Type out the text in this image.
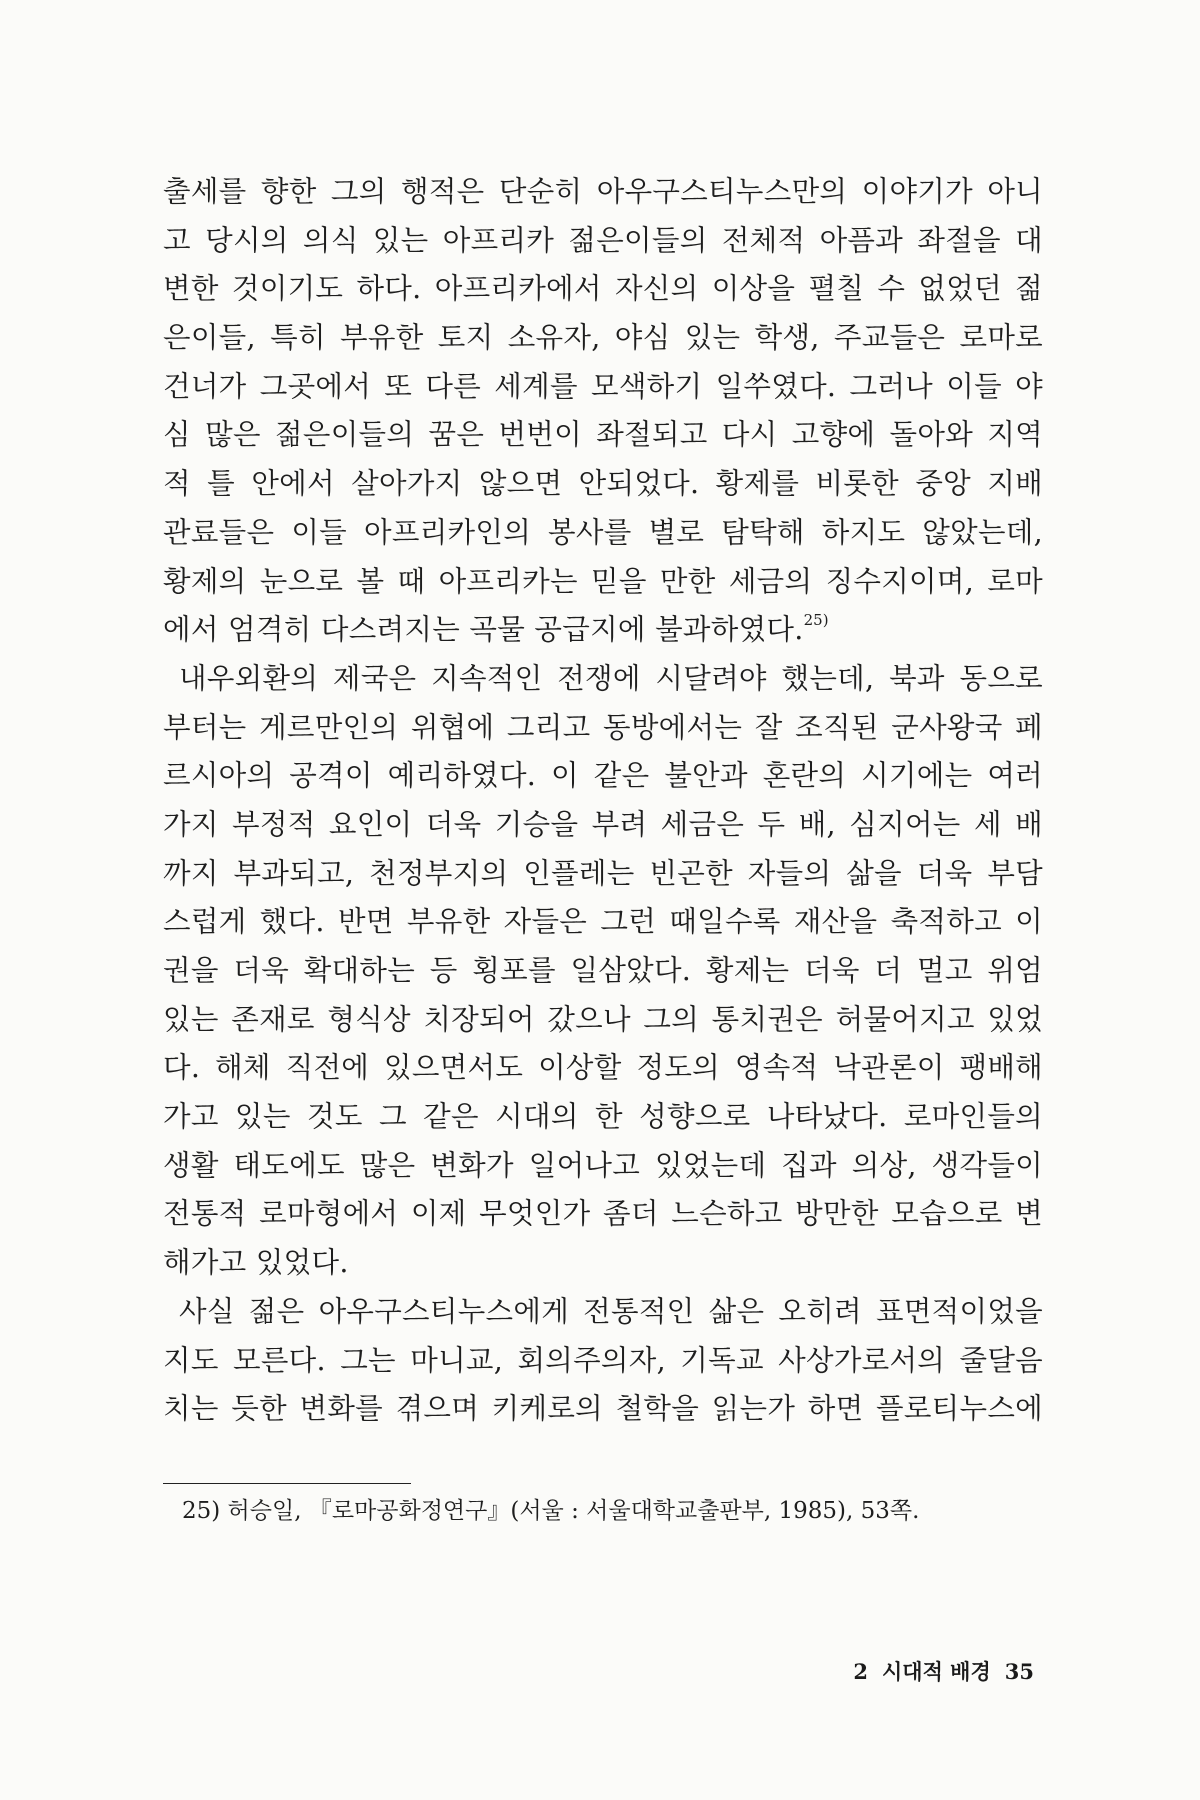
출세를 향한 그의 행적은 단순히 아우구스티누스만의 이야기가 아니
고 당시의 의식 있는 아프리카 젊은이들의 전체적 아픔과 좌절을 대
변한 것이기도 하다. 아프리카에서 자신의 이상을 펼칠 수 없었던 젊
은이들, 특히 부유한 토지 소유자, 야심 있는 학생, 주교들은 로마로
건너가 그곳에서 또 다른 세계를 모색하기 일쑤였다. 그러나 이들 야
심 많은 젊은이들의 꿈은 번번이 좌절되고 다시 고향에 돌아와 지역
적 틀 안에서 살아가지 않으면 안되었다. 황제를 비롯한 중앙 지배
관료들은 이들 아프리카인의 봉사를 별로 탐탁해 하지도 않았는데,
황제의 눈으로 볼 때 아프리카는 믿을 만한 세금의 징수지이며, 로마
에서 엄격히 다스려지는 곡물 공급지에 불과하였다.$^{25)}$
내우외환의 제국은 지속적인 전쟁에 시달려야 했는데, 북과 동으로
부터는 게르만인의 위협에 그리고 동방에서는 잘 조직된 군사왕국 페
르시아의 공격이 예리하였다. 이 같은 불안과 혼란의 시기에는 여러
가지 부정적 요인이 더욱 기승을 부려 세금은 두 배, 심지어는 세 배
까지 부과되고, 천정부지의 인플레는 빈곤한 자들의 삶을 더욱 부담
스럽게 했다. 반면 부유한 자들은 그런 때일수록 재산을 축적하고 이
권을 더욱 확대하는 등 횡포를 일삼았다. 황제는 더욱 더 멀고 위엄
있는 존재로 형식상 치장되어 갔으나 그의 통치권은 허물어지고 있었
다. 해체 직전에 있으면서도 이상할 정도의 영속적 낙관론이 팽배해
가고 있는 것도 그 같은 시대의 한 성향으로 나타났다. 로마인들의
생활 태도에도 많은 변화가 일어나고 있었는데 집과 의상, 생각들이
전통적 로마형에서 이제 무엇인가 좀더 느슨하고 방만한 모습으로 변
해가고 있었다.
사실 젊은 아우구스티누스에게 전통적인 삶은 오히려 표면적이었을
지도 모른다. 그는 마니교, 회의주의자, 기독교 사상가로서의 줄달음
치는 듯한 변화를 겪으며 키케로의 철학을 읽는가 하면 플로티누스에
25) 허승일, 『로마공화정연구』(서울 : 서울대학교출판부, 1985), 53쪽.
2 시대적 배경 35
